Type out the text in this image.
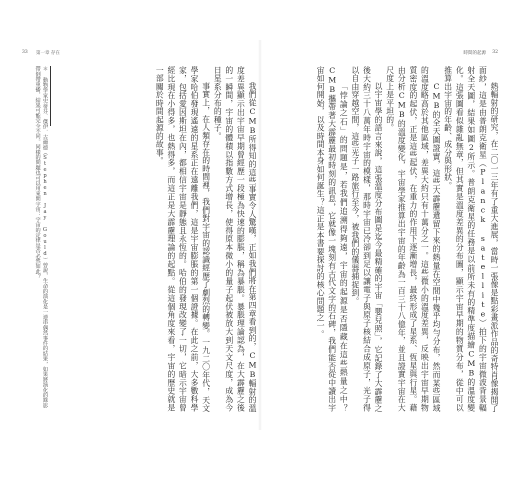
33 第一章 存在

我們從CMB所得知的這些事實令人驚嘆，正如我們將在第四章看到的，CMB輻射的溫度差異顯示出宇宙早期曾經歷一段極為快速的膨脹，稱為暴脹。暴脹理論認為，在大霹靂之後的一瞬間，宇宙的體積以指數方式增長，使得原本微小的量子起伏被放大到天文尺度，成為今日星系分布的種子。

事實上，在人類存在的時間裡，我們對宇宙的認識經歷了劇烈的轉變。一九二〇年代，天文學家哈伯發現遙遠的星系正在遠離我們，這是宇宙膨脹的第一個證據。在此之前，大多數科學家，包括愛因斯坦在內，都相信宇宙是靜態且永恆的。哈伯的發現改變了一切，它暗示宇宙曾經比現在小得多，也熱得多，而這正是大霹靂理論的起點。從這個角度來看，宇宙的歷史就是一部關於時間起源的故事。

＊ 動物學家史蒂芬．傑伊．古爾德（Stephen Jay Gould）曾說，生命的演化是一連串偶然事件的結果，如果將演化的錄影帶倒帶重播，結果可能完全不同。同樣的問題也可以用來問宇宙：宇宙的定律是否必然如此？
時間的起源 32

熱輻射的研究，在二〇一三年有了重大進展，當時一張像是點彩畫派作品的奇特肖像揭開了面紗，這是由普朗克衛星（Planck satellite）拍下的宇宙微波背景輻射全天圖，結果如圖2所示。普朗克衛星的任務是以前所未有的精準度描繪CMB的溫度變化。這張圖看似雜亂無章，但其實是溫度差異的分布圖，顯示宇宙早期的物質分布，從中可以推算出宇宙的年齡、成分與形狀。

CMB的全天圖證實，這些大霹靂遺留下來的熱量在空間中幾乎均勻分布，然而某些區域的溫度略高於其他區域，差異大約只有十萬分之一。這些微小的溫度差異，反映出宇宙早期物質密度的起伏，正是這些起伏，在重力的作用下逐漸增長，最終形成了星系、恆星與行星。藉由分析CMB的溫度變化，宇宙學家推算出宇宙的年齡為一百三十八億年，並且證實宇宙在大尺度上是平坦的。

以宇宙學的語言來說，這張溫度分布圖是迄今最精確的宇宙「嬰兒照」，它記錄了大霹靂之後大約三十八萬年時宇宙的模樣，那時宇宙已冷卻到足以讓電子與原子核結合成原子，光子得以自由穿越空間，這些光子一路旅行至今，被我們的儀器捕捉到。

「悖論之石」的問題是，若我們追溯得夠遠，宇宙的起源是否隱藏在這些熱量之中？CMB攜帶著大霹靂最初時刻的訊息，它就像一塊刻有古代文字的石碑，我們能否從中讀出宇宙如何開始，以及時間本身如何誕生？這正是本書要探討的核心問題之一。
